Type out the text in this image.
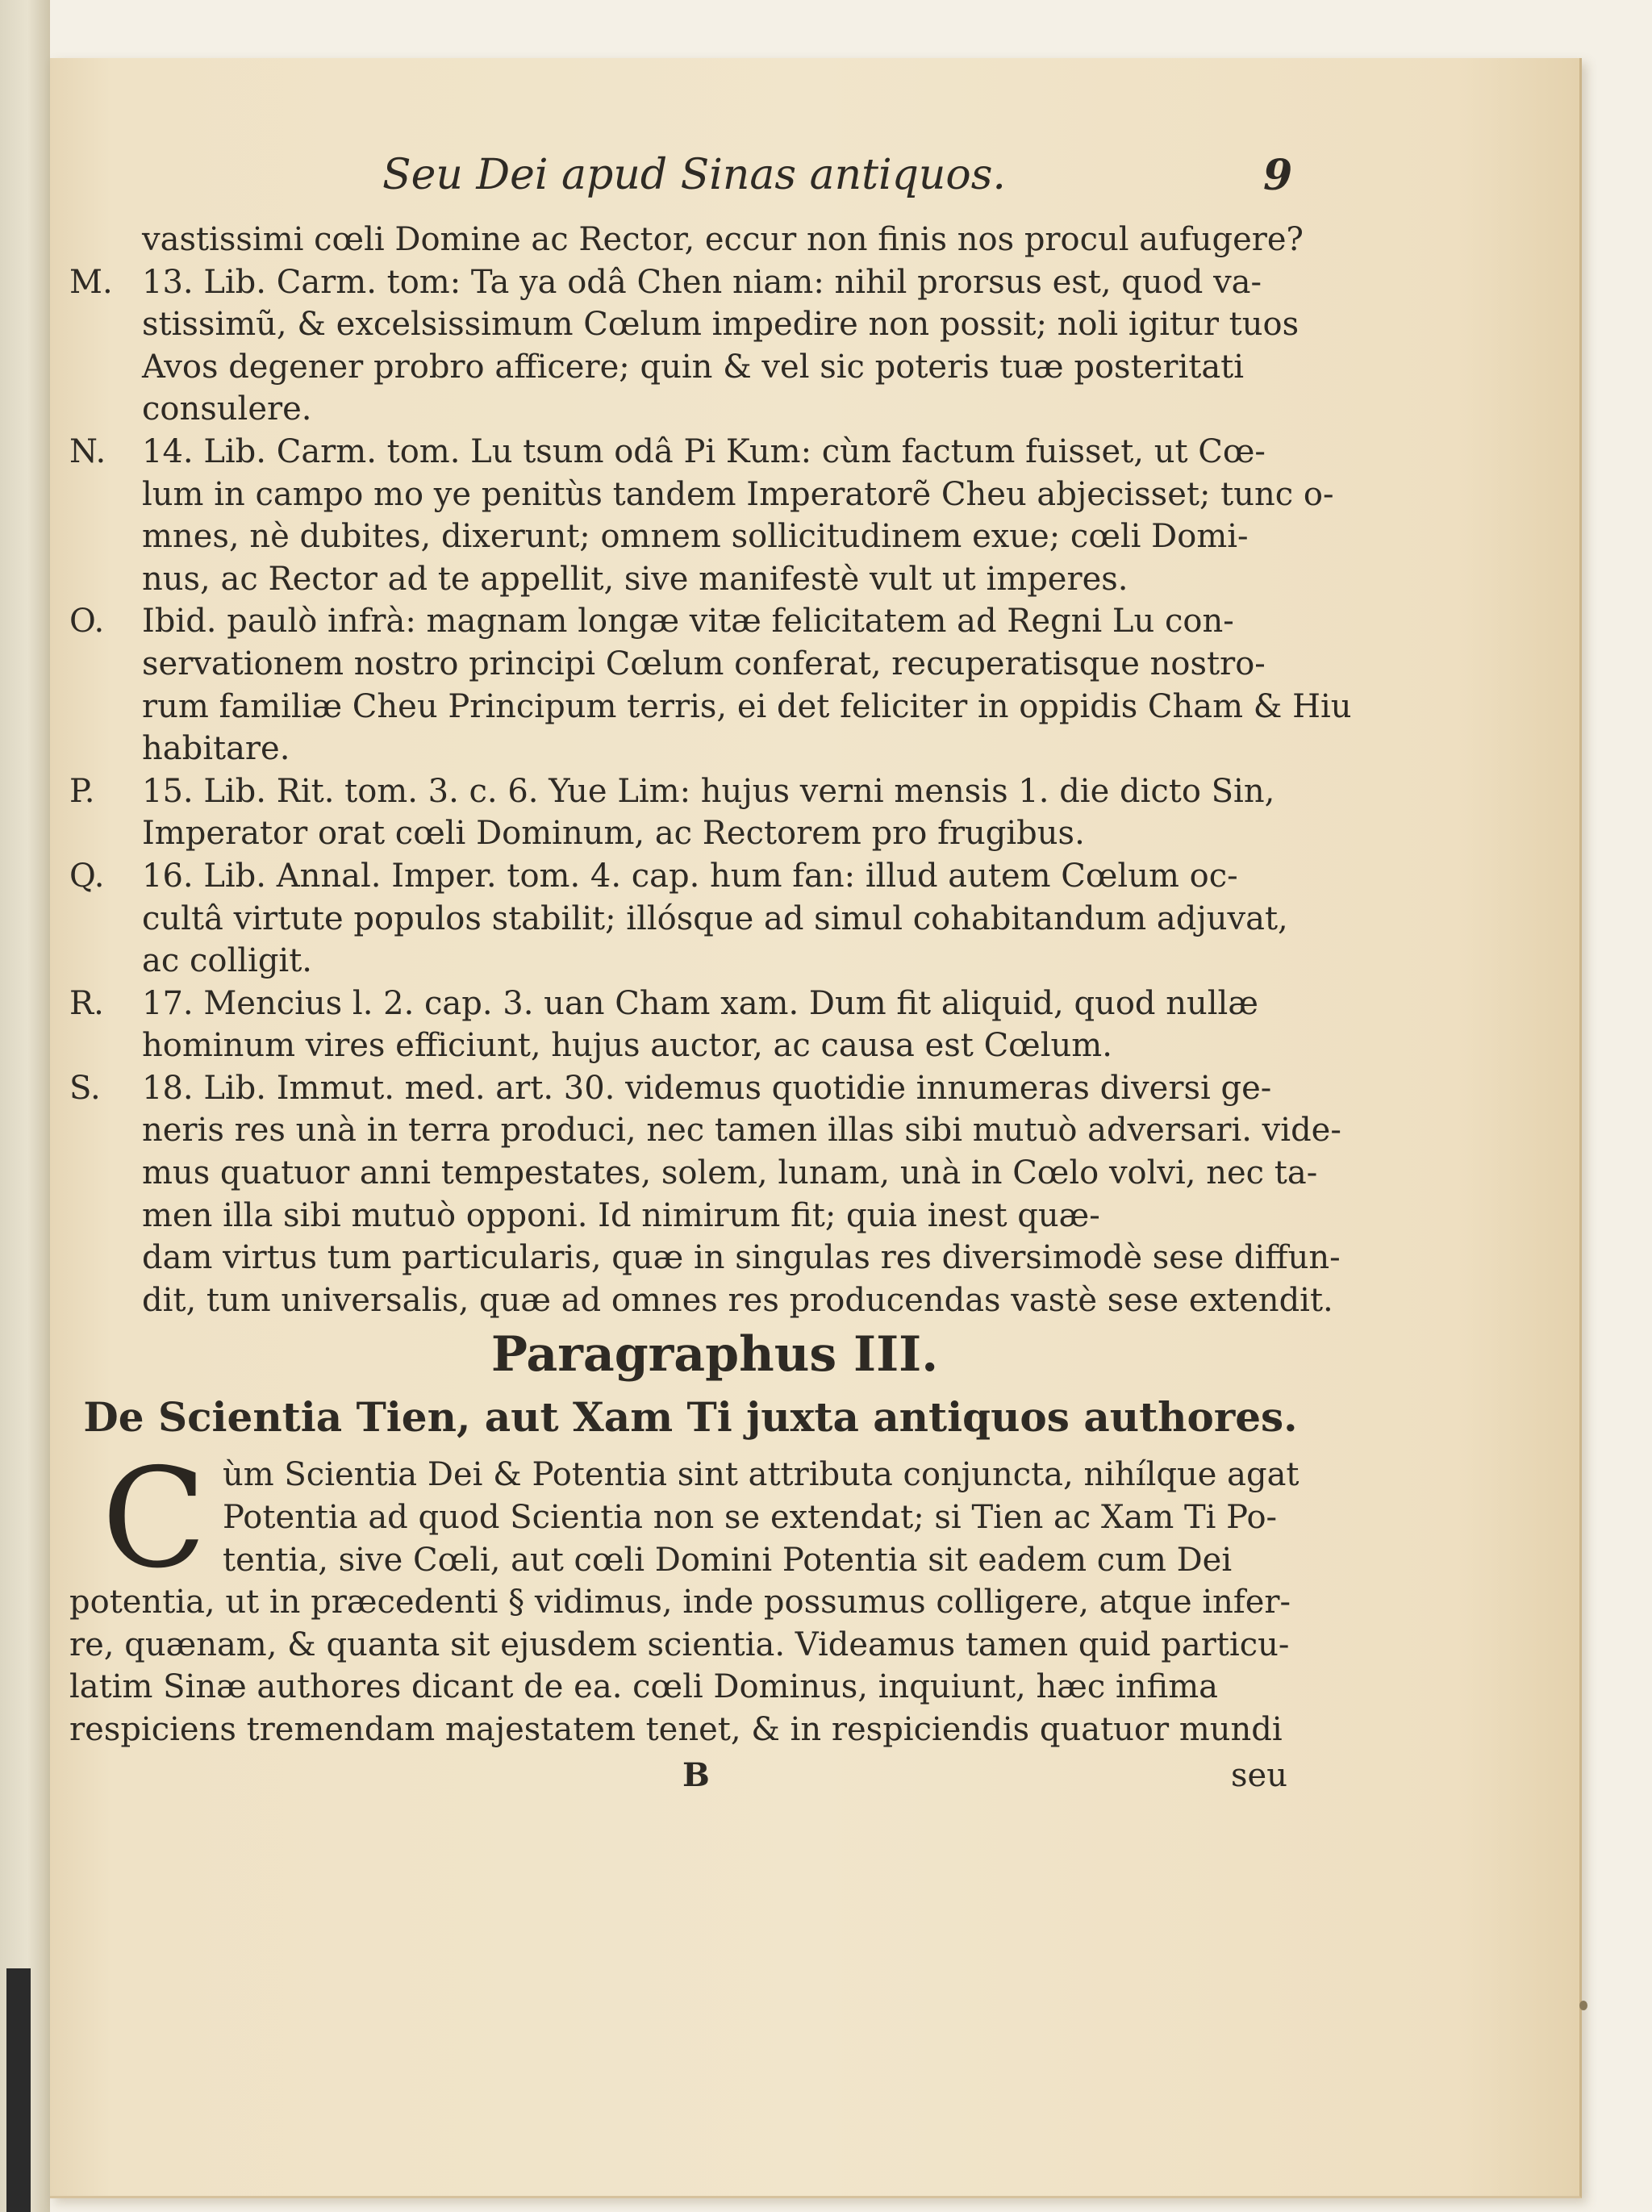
Seu Dei apud Sinas antiquos.	9

vastissimi cœli Domine ac Rector, eccur non finis nos procul aufugere?

M. 13. Lib. Carm. tom: Ta ya odâ Chen niam: nihil prorsus est, quod va-

stissimũ, & excelsissimum Cœlum impedire non possit; noli igitur tuos

Avos degener probro afficere; quin & vel sic poteris tuæ posteritati

consulere.

N. 14. Lib. Carm. tom. Lu tsum odâ Pi Kum: cùm factum fuisset, ut Cœ-

lum in campo mo ye penitùs tandem Imperatorẽ Cheu abjecisset; tunc o-

mnes, nè dubites, dixerunt; omnem sollicitudinem exue; cœli Domi-

nus, ac Rector ad te appellit, sive manifestè vult ut imperes.

O. Ibid. paulò infrà: magnam longæ vitæ felicitatem ad Regni Lu con-

servationem nostro principi Cœlum conferat, recuperatisque nostro-

rum familiæ Cheu Principum terris, ei det feliciter in oppidis Cham & Hiu

habitare.

P. 15. Lib. Rit. tom. 3. c. 6. Yue Lim: hujus verni mensis 1. die dicto Sin,

Imperator orat cœli Dominum, ac Rectorem pro frugibus.

Q. 16. Lib. Annal. Imper. tom. 4. cap. hum fan: illud autem Cœlum oc-

cultâ virtute populos stabilit; illósque ad simul cohabitandum adjuvat,

ac colligit.

R. 17. Mencius l. 2. cap. 3. uan Cham xam. Dum fit aliquid, quod nullæ

hominum vires efficiunt, hujus auctor, ac causa est Cœlum.

S. 18. Lib. Immut. med. art. 30. videmus quotidie innumeras diversi ge-

neris res unà in terra produci, nec tamen illas sibi mutuò adversari. vide-

mus quatuor anni tempestates, solem, lunam, unà in Cœlo volvi, nec ta-

men illa sibi mutuò opponi. Id nimirum fit; quia inest quæ-

dam virtus tum particularis, quæ in singulas res diversimodè sese diffun-

dit, tum universalis, quæ ad omnes res producendas vastè sese extendit.

Paragraphus III.
De Scientia Tien, aut Xam Ti juxta antiquos authores.
C ùm Scientia Dei & Potentia sint attributa conjuncta, nihílque agat

Potentia ad quod Scientia non se extendat; si Tien ac Xam Ti Po-

tentia, sive Cœli, aut cœli Domini Potentia sit eadem cum Dei

potentia, ut in præcedenti § vidimus, inde possumus colligere, atque infer-

re, quænam, & quanta sit ejusdem scientia. Videamus tamen quid particu-

latim Sinæ authores dicant de ea. cœli Dominus, inquiunt, hæc infima

respiciens tremendam majestatem tenet, & in respiciendis quatuor mundi

B	seu
